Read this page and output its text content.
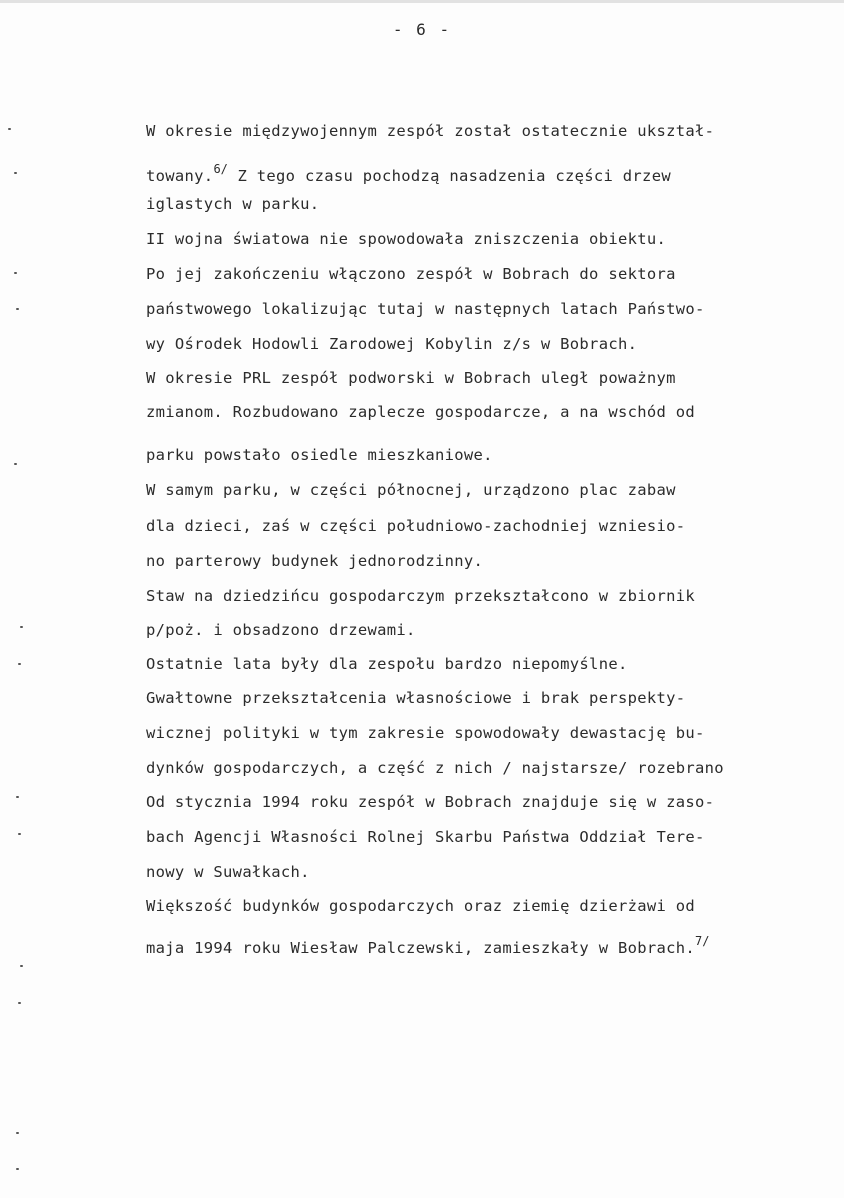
- 6 -
W okresie międzywojennym zespół został ostatecznie ukształ-
towany.$^{6/}$ Z tego czasu pochodzą nasadzenia części drzew
iglastych w parku.
II wojna światowa nie spowodowała zniszczenia obiektu.
Po jej zakończeniu włączono zespół w Bobrach do sektora
państwowego lokalizując tutaj w następnych latach Państwo-
wy Ośrodek Hodowli Zarodowej Kobylin z/s w Bobrach.
W okresie PRL zespół podworski w Bobrach uległ poważnym
zmianom. Rozbudowano zaplecze gospodarcze, a na wschód od
parku powstało osiedle mieszkaniowe.
W samym parku, w części północnej, urządzono plac zabaw
dla dzieci, zaś w części południowo-zachodniej wzniesio-
no parterowy budynek jednorodzinny.
Staw na dziedzińcu gospodarczym przekształcono w zbiornik
p/poż. i obsadzono drzewami.
Ostatnie lata były dla zespołu bardzo niepomyślne.
Gwałtowne przekształcenia własnościowe i brak perspekty-
wicznej polityki w tym zakresie spowodowały dewastację bu-
dynków gospodarczych, a część z nich / najstarsze/ rozebrano
Od stycznia 1994 roku zespół w Bobrach znajduje się w zaso-
bach Agencji Własności Rolnej Skarbu Państwa Oddział Tere-
nowy w Suwałkach.
Większość budynków gospodarczych oraz ziemię dzierżawi od
maja 1994 roku Wiesław Palczewski, zamieszkały w Bobrach.$^{7/}$
